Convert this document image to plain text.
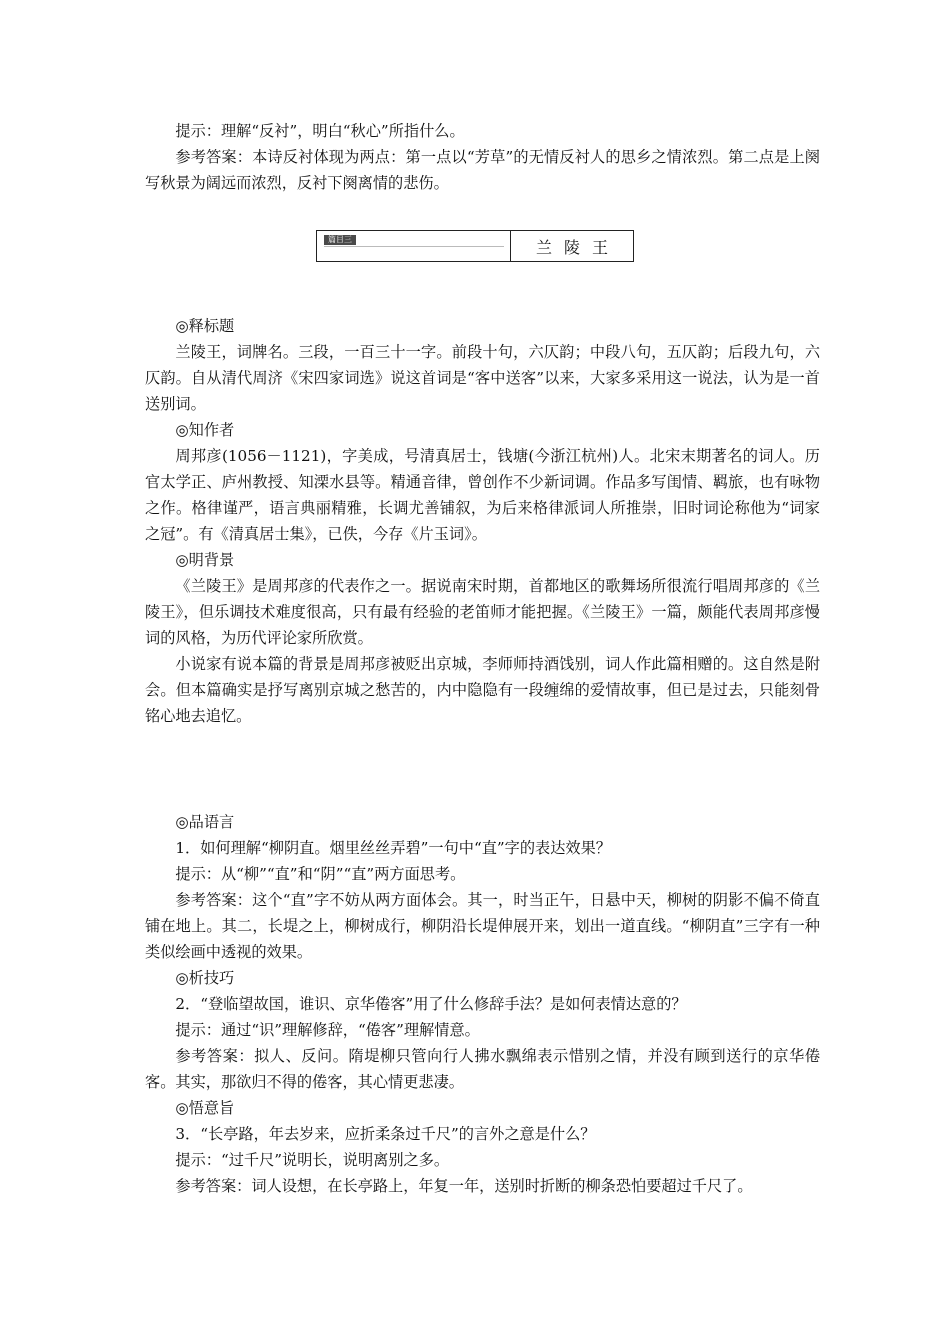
提示：理解“反衬”，明白“秋心”所指什么。

参考答案：本诗反衬体现为两点：第一点以“芳草”的无情反衬人的思乡之情浓烈。第二点是上阕写秋景为阔远而浓烈，反衬下阕离情的悲伤。

篇目三	兰陵王

◎释标题

兰陵王，词牌名。三段，一百三十一字。前段十句，六仄韵；中段八句，五仄韵；后段九句，六仄韵。自从清代周济《宋四家词选》说这首词是“客中送客”以来，大家多采用这一说法，认为是一首送别词。

◎知作者

周邦彦(1056－1121)，字美成，号清真居士，钱塘(今浙江杭州)人。北宋末期著名的词人。历官太学正、庐州教授、知溧水县等。精通音律，曾创作不少新词调。作品多写闺情、羁旅，也有咏物之作。格律谨严，语言典丽精雅，长调尤善铺叙，为后来格律派词人所推崇，旧时词论称他为“词家之冠”。有《清真居士集》，已佚，今存《片玉词》。

◎明背景

《兰陵王》是周邦彦的代表作之一。据说南宋时期，首都地区的歌舞场所很流行唱周邦彦的《兰陵王》，但乐调技术难度很高，只有最有经验的老笛师才能把握。《兰陵王》一篇，颇能代表周邦彦慢词的风格，为历代评论家所欣赏。

小说家有说本篇的背景是周邦彦被贬出京城，李师师持酒饯别，词人作此篇相赠的。这自然是附会。但本篇确实是抒写离别京城之愁苦的，内中隐隐有一段缠绵的爱情故事，但已是过去，只能刻骨铭心地去追忆。

◎品语言

1．如何理解“柳阴直。烟里丝丝弄碧”一句中“直”字的表达效果？

提示：从“柳”“直”和“阴”“直”两方面思考。

参考答案：这个“直”字不妨从两方面体会。其一，时当正午，日悬中天，柳树的阴影不偏不倚直铺在地上。其二，长堤之上，柳树成行，柳阴沿长堤伸展开来，划出一道直线。“柳阴直”三字有一种类似绘画中透视的效果。

◎析技巧

2．“登临望故国，谁识、京华倦客”用了什么修辞手法？是如何表情达意的？

提示：通过“识”理解修辞，“倦客”理解情意。

参考答案：拟人、反问。隋堤柳只管向行人拂水飘绵表示惜别之情，并没有顾到送行的京华倦客。其实，那欲归不得的倦客，其心情更悲凄。

◎悟意旨

3．“长亭路，年去岁来，应折柔条过千尺”的言外之意是什么？

提示：“过千尺”说明长，说明离别之多。

参考答案：词人设想，在长亭路上，年复一年，送别时折断的柳条恐怕要超过千尺了。
